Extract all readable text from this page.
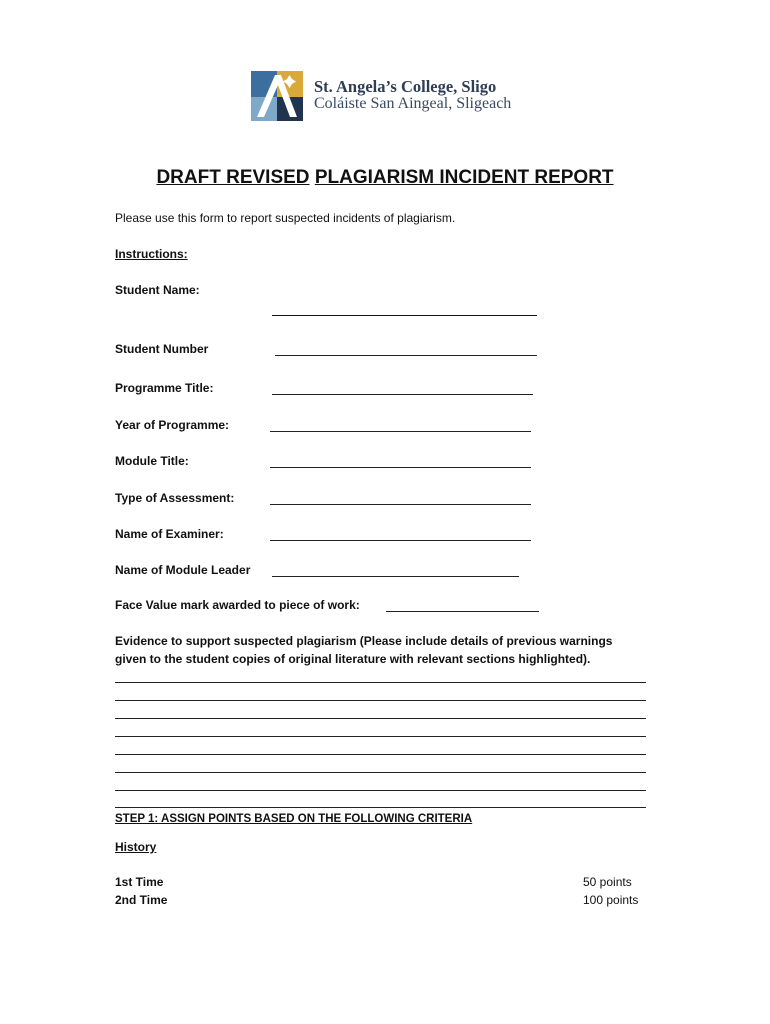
St. Angela’s College, Sligo
Coláiste San Aingeal, Sligeach
DRAFT REVISED PLAGIARISM INCIDENT REPORT
Please use this form to report suspected incidents of plagiarism.
Instructions:
Student Name:
Student Number
Programme Title:
Year of Programme:
Module Title:
Type of Assessment:
Name of Examiner:
Name of Module Leader
Face Value mark awarded to piece of work:
Evidence to support suspected plagiarism (Please include details of previous warnings
given to the student copies of original literature with relevant sections highlighted).
STEP 1: ASSIGN POINTS BASED ON THE FOLLOWING CRITERIA
History
1st Time	50 points
2nd Time	100 points
